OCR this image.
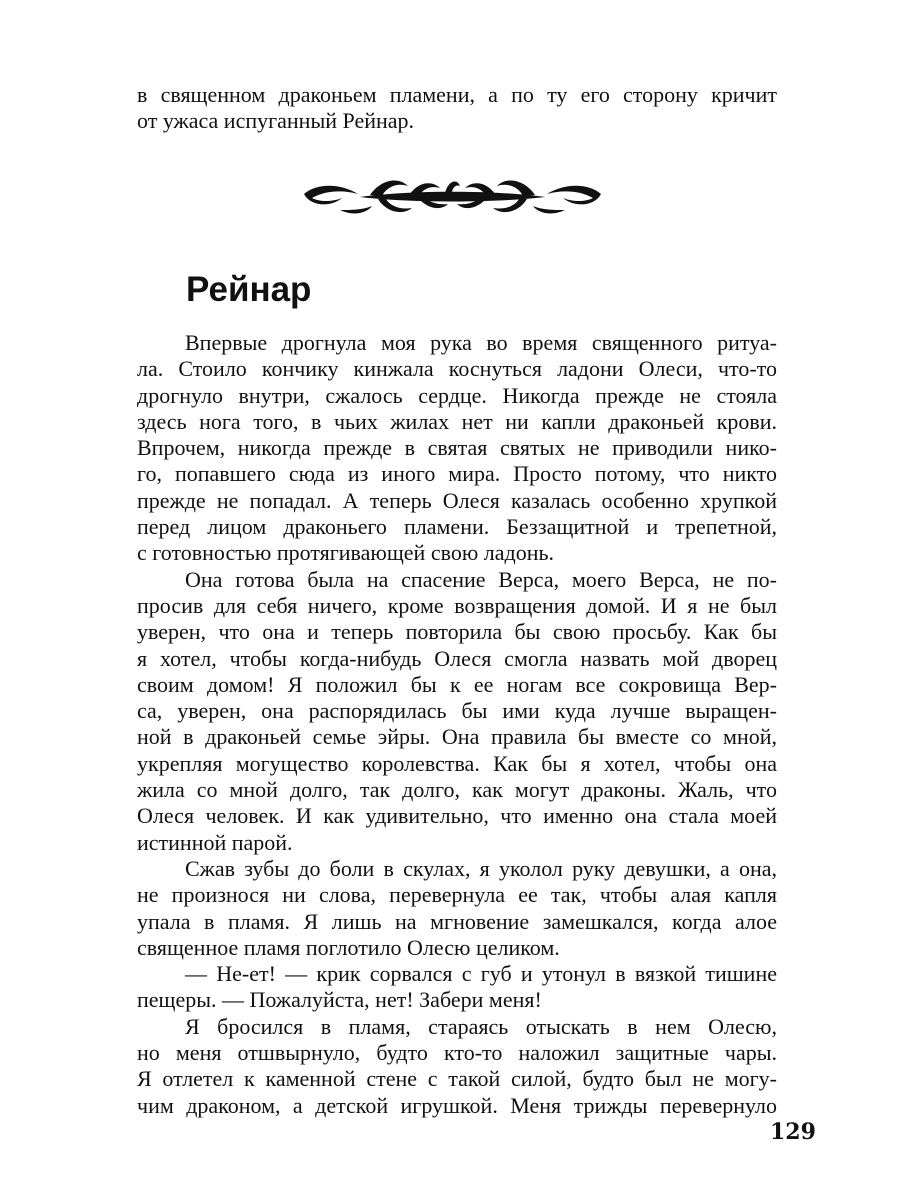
в священном драконьем пламени, а по ту его сторону кричит
от ужаса испуганный Рейнар.
Рейнар
Впервые дрогнула моя рука во время священного ритуа-
ла. Стоило кончику кинжала коснуться ладони Олеси, что-то
дрогнуло внутри, сжалось сердце. Никогда прежде не стояла
здесь нога того, в чьих жилах нет ни капли драконьей крови.
Впрочем, никогда прежде в святая святых не приводили нико-
го, попавшего сюда из иного мира. Просто потому, что никто
прежде не попадал. А теперь Олеся казалась особенно хрупкой
перед лицом драконьего пламени. Беззащитной и трепетной,
с готовностью протягивающей свою ладонь.
Она готова была на спасение Верса, моего Верса, не по-
просив для себя ничего, кроме возвращения домой. И я не был
уверен, что она и теперь повторила бы свою просьбу. Как бы
я хотел, чтобы когда-нибудь Олеся смогла назвать мой дворец
своим домом! Я положил бы к ее ногам все сокровища Вер-
са, уверен, она распорядилась бы ими куда лучше выращен-
ной в драконьей семье эйры. Она правила бы вместе со мной,
укрепляя могущество королевства. Как бы я хотел, чтобы она
жила со мной долго, так долго, как могут драконы. Жаль, что
Олеся человек. И как удивительно, что именно она стала моей
истинной парой.
Сжав зубы до боли в скулах, я уколол руку девушки, а она,
не произнося ни слова, перевернула ее так, чтобы алая капля
упала в пламя. Я лишь на мгновение замешкался, когда алое
священное пламя поглотило Олесю целиком.
— Не-ет! — крик сорвался с губ и утонул в вязкой тишине
пещеры. — Пожалуйста, нет! Забери меня!
Я бросился в пламя, стараясь отыскать в нем Олесю,
но меня отшвырнуло, будто кто-то наложил защитные чары.
Я отлетел к каменной стене с такой силой, будто был не могу-
чим драконом, а детской игрушкой. Меня трижды перевернуло
129
